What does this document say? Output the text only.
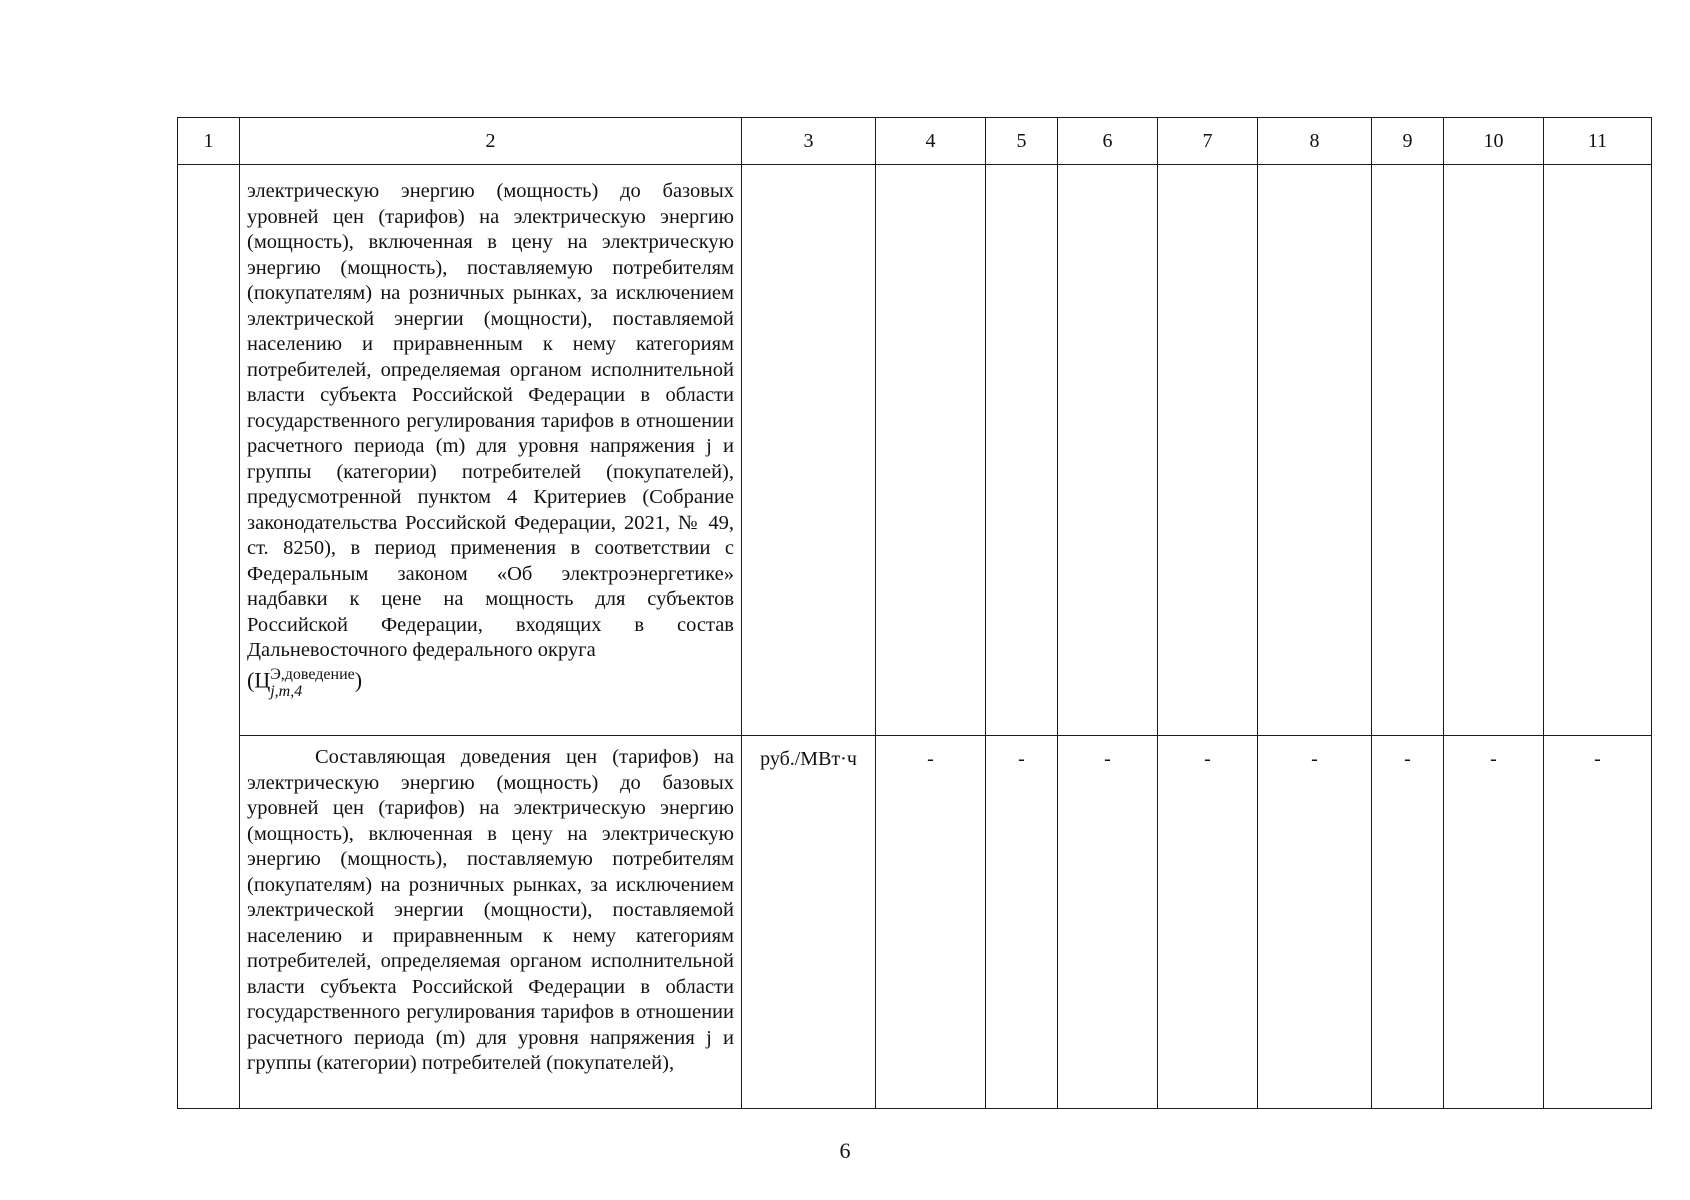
1	2	3	4	5	6	7	8	9	10	11

	электрическую энергию (мощность) до базовых уровней цен (тарифов) на электрическую энергию (мощность), включенная в цену на электрическую энергию (мощность), поставляемую потребителям (покупателям) на розничных рынках, за исключением электрической энергии (мощности), поставляемой населению и приравненным к нему категориям потребителей, определяемая органом исполнительной власти субъекта Российской Федерации в области государственного регулирования тарифов в отношении расчетного периода (m) для уровня напряжения j и группы (категории) потребителей (покупателей), предусмотренной пунктом 4 Критериев (Собрание законодательства Российской Федерации, 2021, № 49, ст. 8250), в период применения в соответствии с Федеральным законом «Об электроэнергетике» надбавки к цене на мощность для субъектов Российской Федерации, входящих в состав Дальневосточного федерального округа
(Ц Э,доведение
j,m,4 )									

	Составляющая доведения цен (тарифов) на электрическую энергию (мощность) до базовых уровней цен (тарифов) на электрическую энергию (мощность), включенная в цену на электрическую энергию (мощность), поставляемую потребителям (покупателям) на розничных рынках, за исключением электрической энергии (мощности), поставляемой населению и приравненным к нему категориям потребителей, определяемая органом исполнительной власти субъекта Российской Федерации в области государственного регулирования тарифов в отношении расчетного периода (m) для уровня напряжения j и группы (категории) потребителей (покупателей),	руб./МВт·ч	-	-	-	-	-	-	-	-
6
